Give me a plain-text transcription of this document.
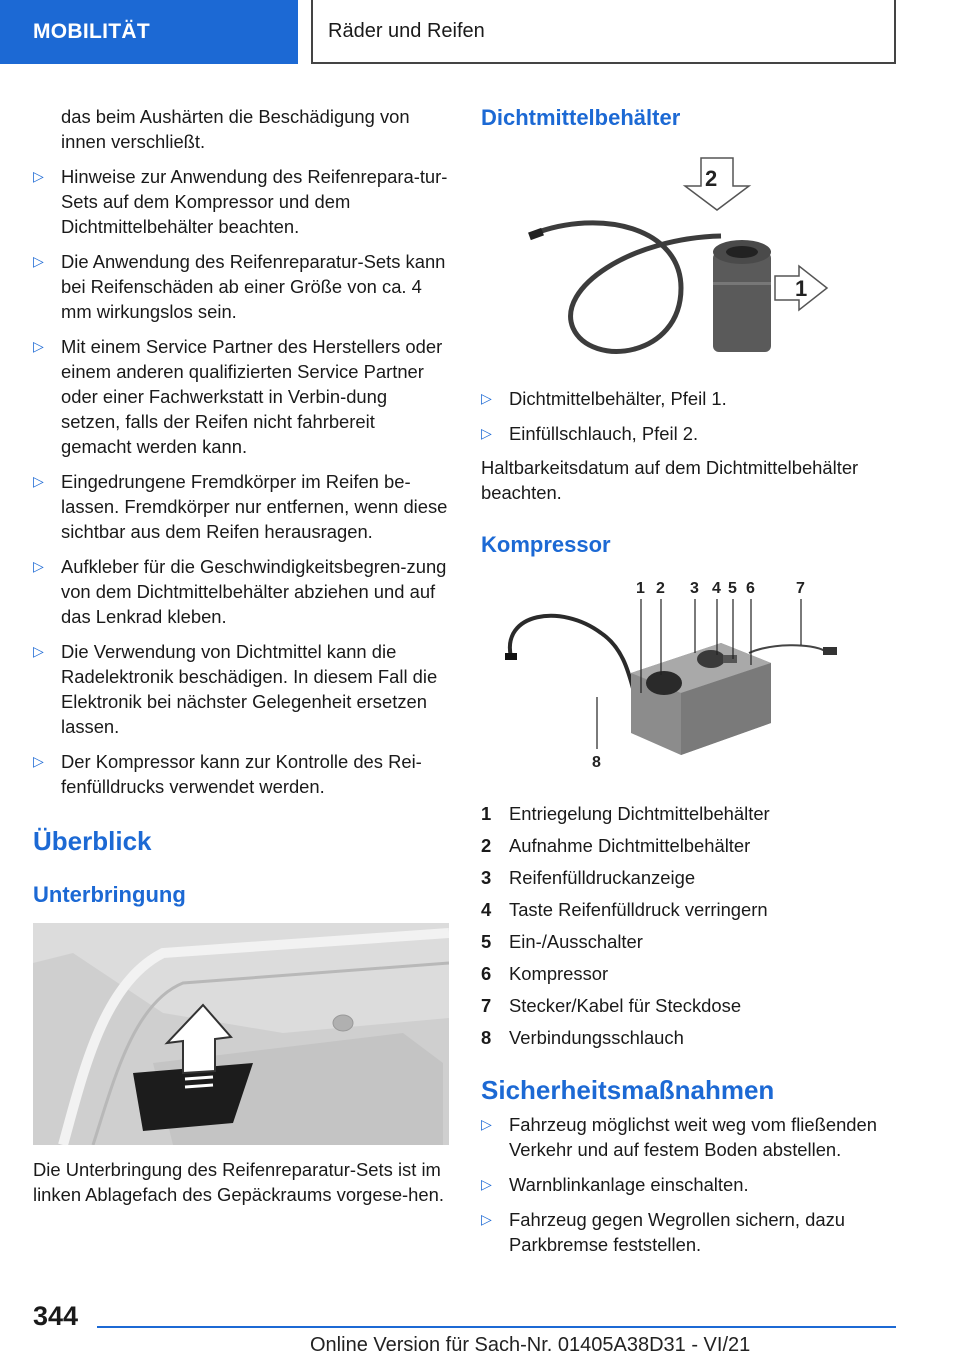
MOBILITÄT	Räder und Reifen

das beim Aushärten die Beschädigung von innen verschließt.

▷ Hinweise zur Anwendung des Reifenrepara-tur-Sets auf dem Kompressor und dem Dichtmittelbehälter beachten.
▷ Die Anwendung des Reifenreparatur-Sets kann bei Reifenschäden ab einer Größe von ca. 4 mm wirkungslos sein.
▷ Mit einem Service Partner des Herstellers oder einem anderen qualifizierten Service Partner oder einer Fachwerkstatt in Verbin-dung setzen, falls der Reifen nicht fahrbereit gemacht werden kann.
▷ Eingedrungene Fremdkörper im Reifen be-lassen. Fremdkörper nur entfernen, wenn diese sichtbar aus dem Reifen herausragen.
▷ Aufkleber für die Geschwindigkeitsbegren-zung von dem Dichtmittelbehälter abziehen und auf das Lenkrad kleben.
▷ Die Verwendung von Dichtmittel kann die Radelektronik beschädigen. In diesem Fall die Elektronik bei nächster Gelegenheit ersetzen lassen.
▷ Der Kompressor kann zur Kontrolle des Rei-fenfülldrucks verwendet werden.
Überblick
Unterbringung

Die Unterbringung des Reifenreparatur-Sets ist im linken Ablagefach des Gepäckraums vorgese-hen.

Dichtmittelbehälter
2
1
▷ Dichtmittelbehälter, Pfeil 1.
▷ Einfüllschlauch, Pfeil 2.

Haltbarkeitsdatum auf dem Dichtmittelbehälter beachten.

Kompressor
1 2 3 4 5 6	7
8
1 Entriegelung Dichtmittelbehälter
2 Aufnahme Dichtmittelbehälter
3 Reifenfülldruckanzeige
4 Taste Reifenfülldruck verringern
5 Ein-/Ausschalter
6 Kompressor
7 Stecker/Kabel für Steckdose
8 Verbindungsschlauch
Sicherheitsmaßnahmen
▷ Fahrzeug möglichst weit weg vom fließenden Verkehr und auf festem Boden abstellen.
▷ Warnblinkanlage einschalten.
▷ Fahrzeug gegen Wegrollen sichern, dazu Parkbremse feststellen.
344
Online Version für Sach-Nr. 01405A38D31 - VI/21
